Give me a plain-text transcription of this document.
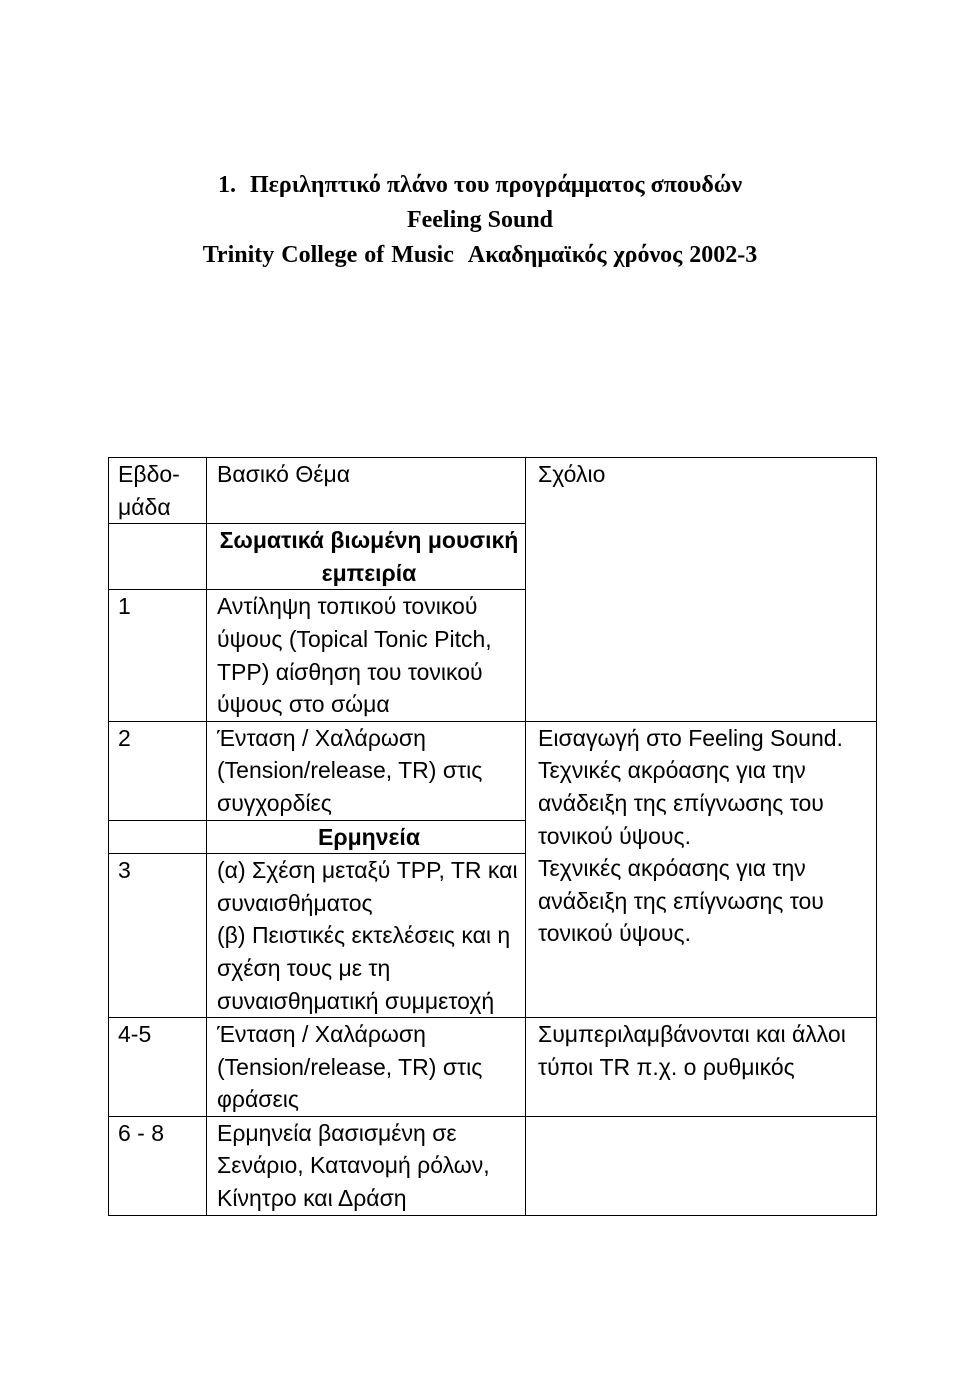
1. Περιληπτικό πλάνο του προγράμματος σπουδών
Feeling Sound
Trinity College of Music Ακαδημαϊκός χρόνος 2002-3
Εβδο-
μάδα	Βασικό Θέμα	Σχόλιο
	Σωματικά βιωμένη μουσική εμπειρία	
1	Αντίληψη τοπικού τονικού ύψους (Topical Tonic Pitch, TPP) αίσθηση του τονικού ύψους στο σώμα	
2	Ένταση / Χαλάρωση (Tension/release, TR) στις συγχορδίες	Εισαγωγή στο Feeling Sound. Τεχνικές ακρόασης για την ανάδειξη της επίγνωσης του τονικού ύψους.
Τεχνικές ακρόασης για την ανάδειξη της επίγνωσης του τονικού ύψους.

	Ερμηνεία	
3	(α) Σχέση μεταξύ TPP, TR και συναισθήματος
(β) Πειστικές εκτελέσεις και η σχέση τους με τη συναισθηματική συμμετοχή	

4-5	Ένταση / Χαλάρωση (Tension/release, TR) στις φράσεις	Συμπεριλαμβάνονται και άλλοι τύποι TR π.χ. ο ρυθμικός
6 - 8	Ερμηνεία βασισμένη σε Σενάριο, Κατανομή ρόλων, Κίνητρο και Δράση	
